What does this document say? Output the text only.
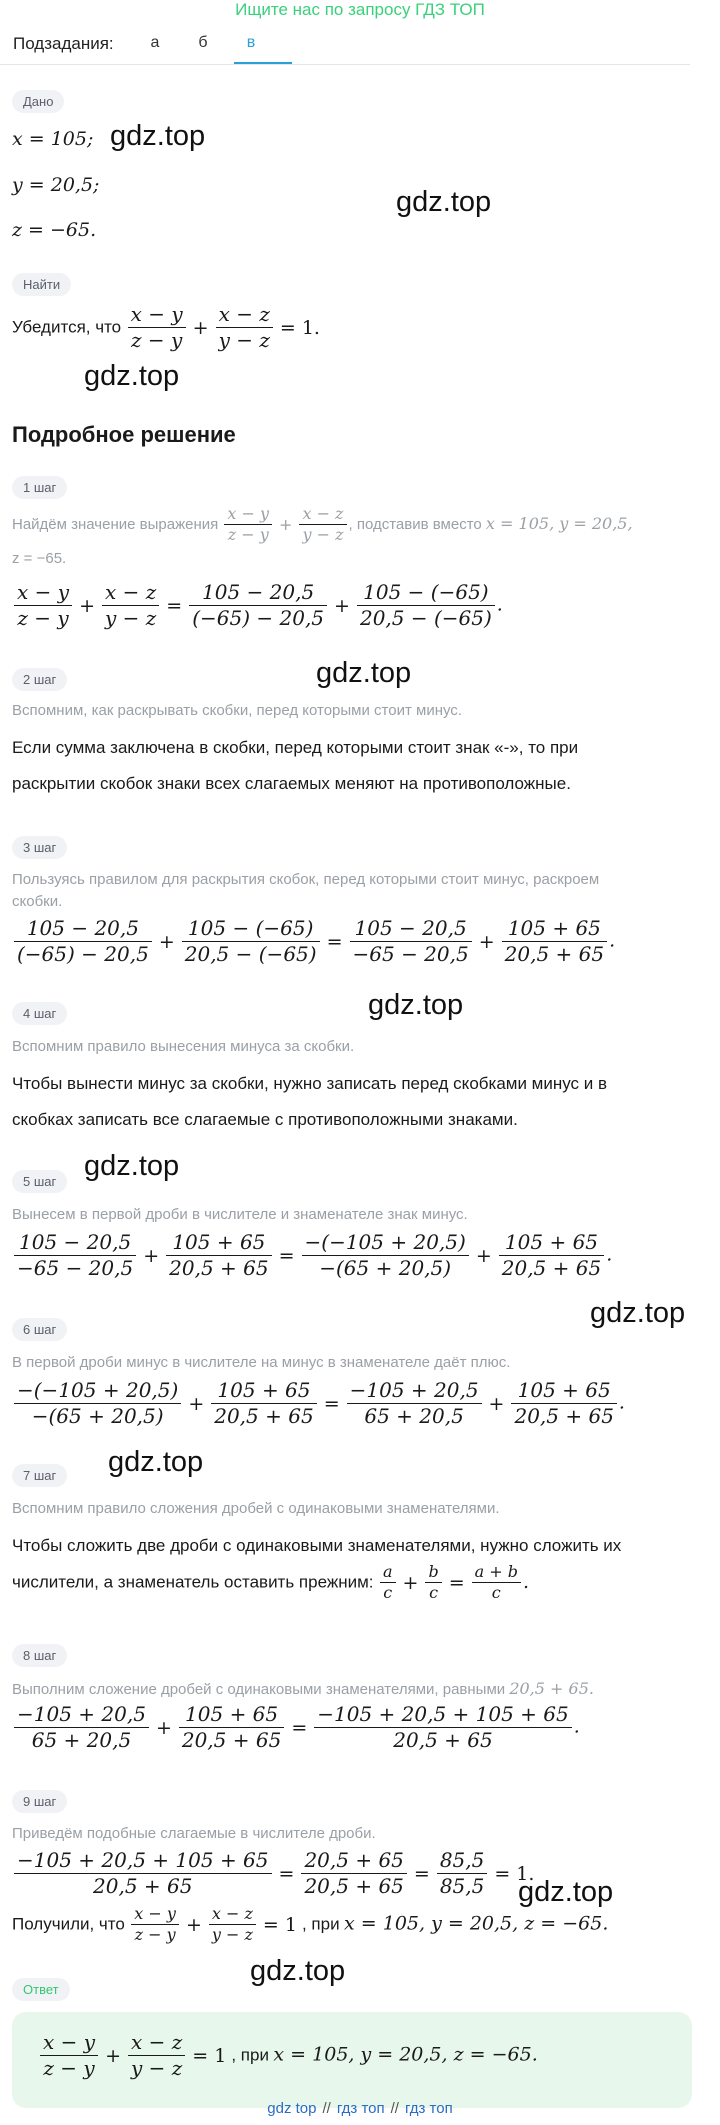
Ищите нас по запросу ГДЗ ТОП
Подзадания:	а	б	в
Дано
x = 105;
y = 20,5;
z = −65.
Найти
Убедится, что $\frac{x - y}{z - y} + \frac{x - z}{y - z} = 1$.
Подробное решение
1 шаг
Найдём значение выражения $\frac{x - y}{z - y} + \frac{x - z}{y - z}$ , подставив вместо x = 105, y = 20,5,
z = −65.
$\frac{x - y}{z - y} + \frac{x - z}{y - z} = \frac{105 - 20,5}{(-65) - 20,5} + \frac{105 - (-65)}{20,5 - (-65)}$ .
2 шаг
Вспомним, как раскрывать скобки, перед которыми стоит минус.
Если сумма заключена в скобки, перед которыми стоит знак «-», то при
раскрытии скобок знаки всех слагаемых меняют на противоположные.
3 шаг
Пользуясь правилом для раскрытия скобок, перед которыми стоит минус, раскроем
скобки.
$\frac{105 - 20,5}{(-65) - 20,5} + \frac{105 - (-65)}{20,5 - (-65)} = \frac{105 - 20,5}{-65 - 20,5} + \frac{105 + 65}{20,5 + 65}$ .
4 шаг
Вспомним правило вынесения минуса за скобки.
Чтобы вынести минус за скобки, нужно записать перед скобками минус и в
скобках записать все слагаемые с противоположными знаками.
5 шаг
Вынесем в первой дроби в числителе и знаменателе знак минус.
$\frac{105 - 20,5}{-65 - 20,5} + \frac{105 + 65}{20,5 + 65} = \frac{-(-105 + 20,5)}{-(65 + 20,5)} + \frac{105 + 65}{20,5 + 65}$ .
6 шаг
В первой дроби минус в числителе на минус в знаменателе даёт плюс.
$\frac{-(-105 + 20,5)}{-(65 + 20,5)} + \frac{105 + 65}{20,5 + 65} = \frac{-105 + 20,5}{65 + 20,5} + \frac{105 + 65}{20,5 + 65}$ .
7 шаг
Вспомним правило сложения дробей с одинаковыми знаменателями.
Чтобы сложить две дроби с одинаковыми знаменателями, нужно сложить их
числители, а знаменатель оставить прежним: $\frac{a}{c} + \frac{b}{c} = \frac{a + b}{c}$ .
8 шаг
Выполним сложение дробей с одинаковыми знаменателями, равными 20,5 + 65.
$\frac{-105 + 20,5}{65 + 20,5} + \frac{105 + 65}{20,5 + 65} = \frac{-105 + 20,5 + 105 + 65}{20,5 + 65}$ .
9 шаг
Приведём подобные слагаемые в числителе дроби.
$\frac{-105 + 20,5 + 105 + 65}{20,5 + 65} = \frac{20,5 + 65}{20,5 + 65} = \frac{85,5}{85,5} = 1$.
Получили, что $\frac{x - y}{z - y} + \frac{x - z}{y - z} = 1$ , при x = 105, y = 20,5, z = −65.
Ответ
$\frac{x - y}{z - y} + \frac{x - z}{y - z} = 1$ , при x = 105, y = 20,5, z = −65.
gdz.top
gdz.top
gdz.top
gdz.top
gdz.top
gdz.top
gdz.top
gdz.top
gdz.top
gdz.top
gdz top // гдз топ // гдз топ
